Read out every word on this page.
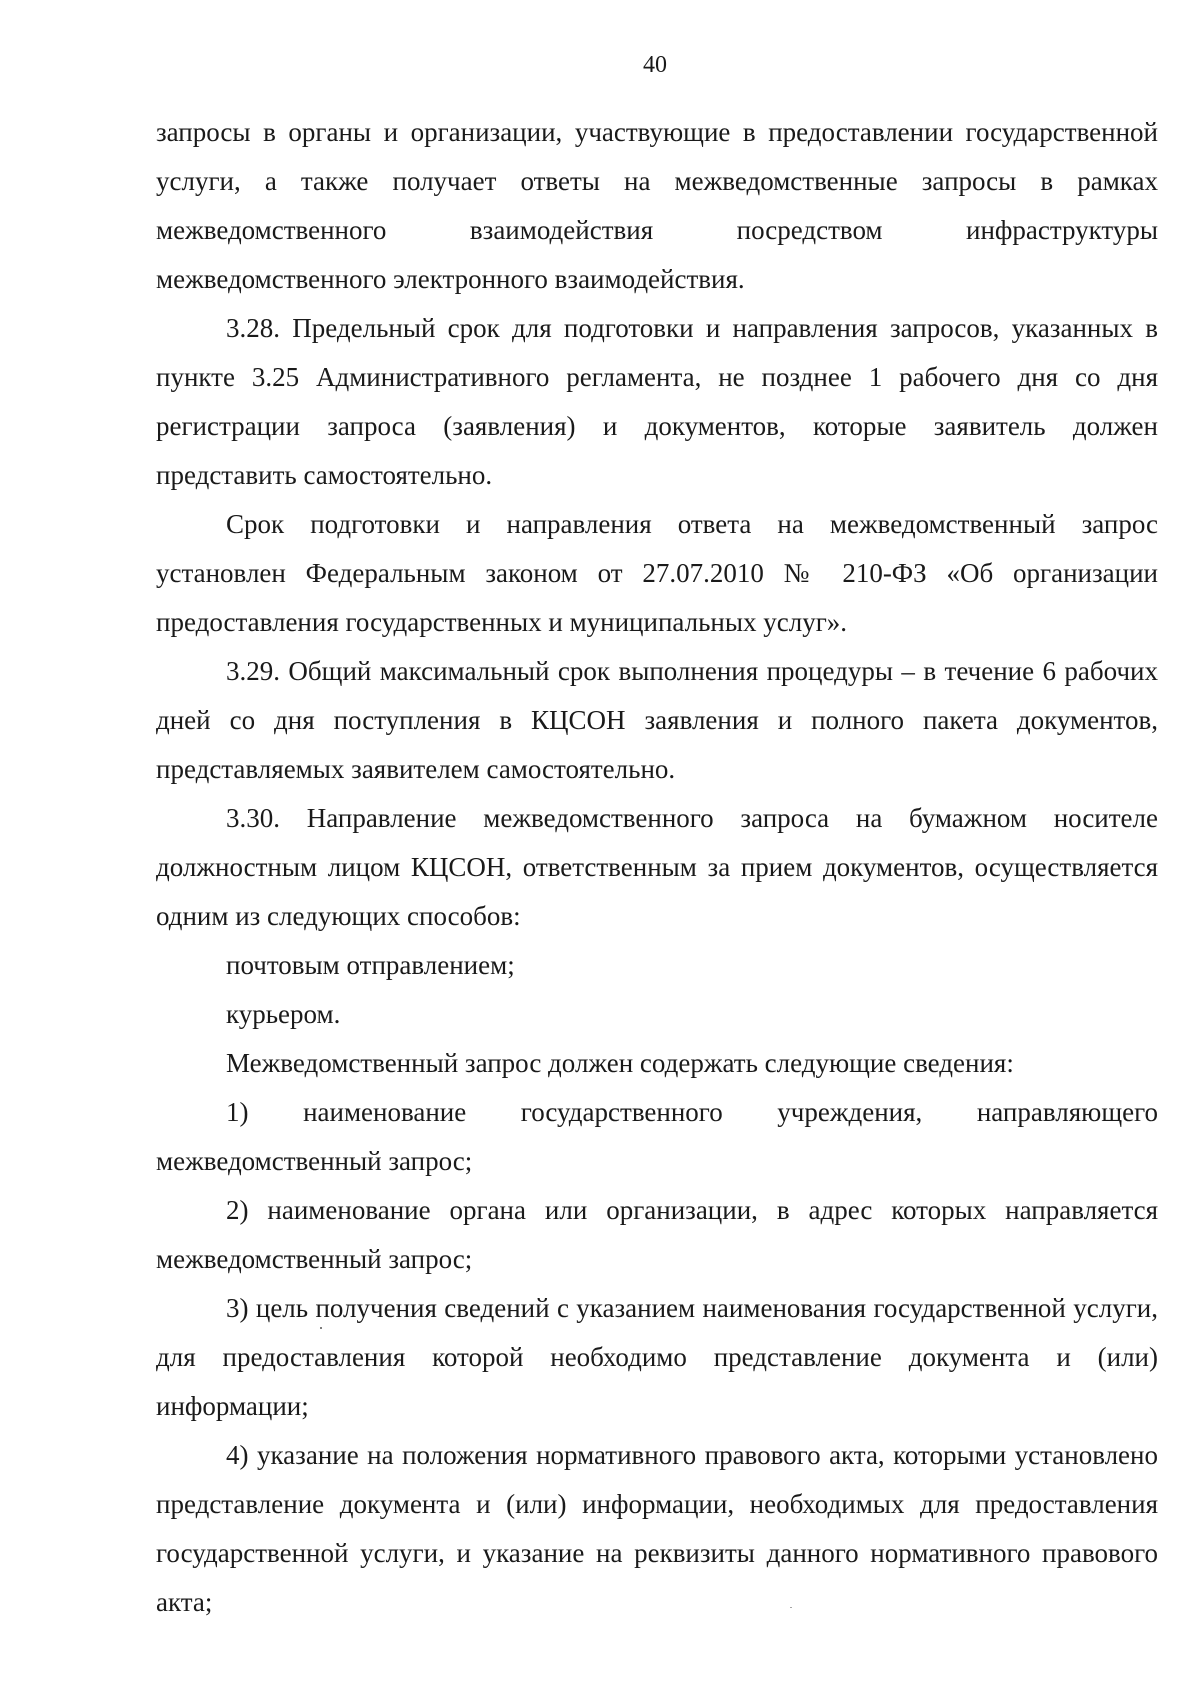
40

запросы в органы и организации, участвующие в предоставлении государственной услуги, а также получает ответы на межведомственные запросы в рамках межведомственного взаимодействия посредством инфраструктуры межведомственного электронного взаимодействия.

3.28. Предельный срок для подготовки и направления запросов, указанных в пункте 3.25 Административного регламента, не позднее 1 рабочего дня со дня регистрации запроса (заявления) и документов, которые заявитель должен представить самостоятельно.

Срок подготовки и направления ответа на межведомственный запрос установлен Федеральным законом от 27.07.2010 № 210-ФЗ «Об организации предоставления государственных и муниципальных услуг».

3.29. Общий максимальный срок выполнения процедуры – в течение 6 рабочих дней со дня поступления в КЦСОН заявления и полного пакета документов, представляемых заявителем самостоятельно.

3.30. Направление межведомственного запроса на бумажном носителе должностным лицом КЦСОН, ответственным за прием документов, осуществляется одним из следующих способов:

почтовым отправлением;

курьером.

Межведомственный запрос должен содержать следующие сведения:

1) наименование государственного учреждения, направляющего межведомственный запрос;

2) наименование органа или организации, в адрес которых направляется межведомственный запрос;

3) цель получения сведений с указанием наименования государственной услуги, для предоставления которой необходимо представление документа и (или) информации;

4) указание на положения нормативного правового акта, которыми установлено представление документа и (или) информации, необходимых для предоставления государственной услуги, и указание на реквизиты данного нормативного правового акта;
